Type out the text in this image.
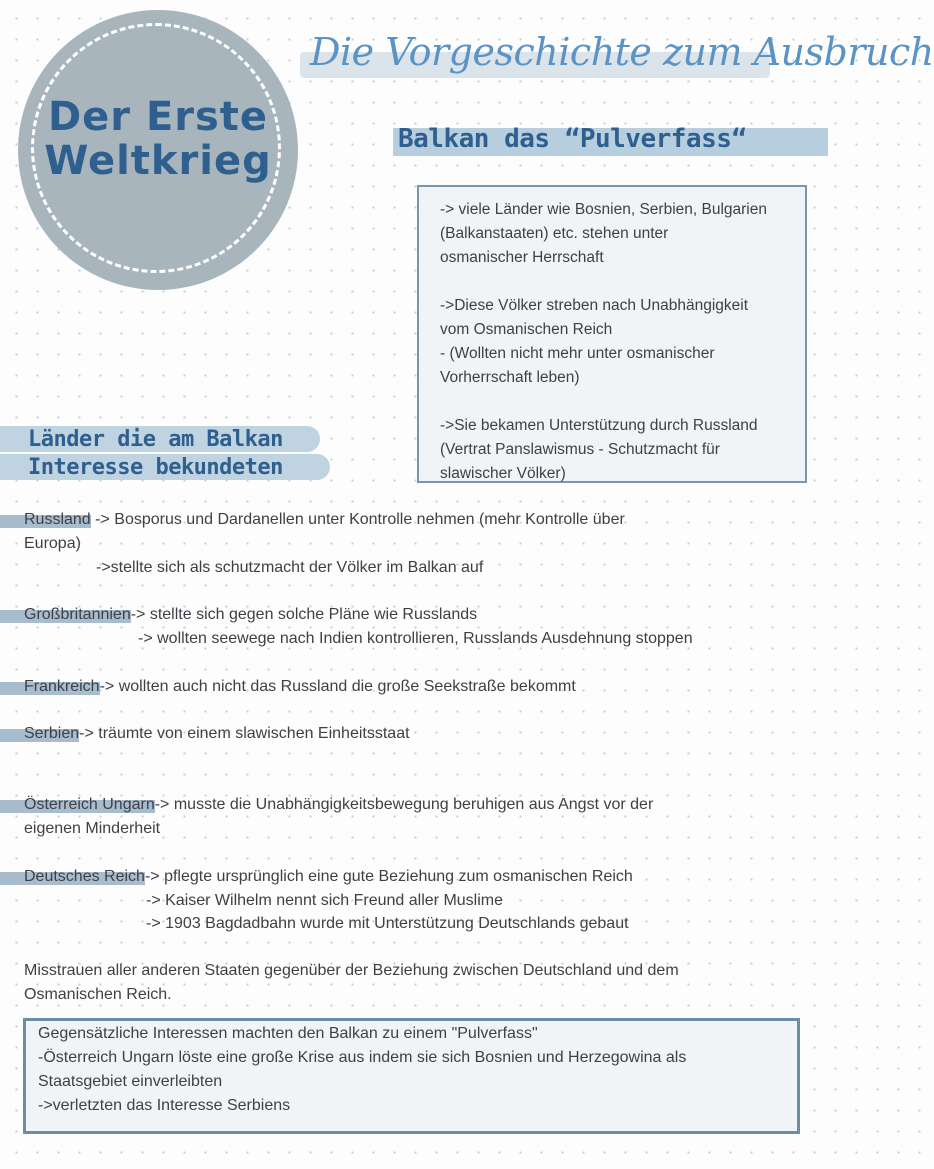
Der Erste
Weltkrieg
Die Vorgeschichte zum Ausbruch
Balkan das “Pulverfass“
-> viele Länder wie Bosnien, Serbien, Bulgarien
(Balkanstaaten) etc. stehen unter
osmanischer Herrschaft
->Diese Völker streben nach Unabhängigkeit
vom Osmanischen Reich
- (Wollten nicht mehr unter osmanischer
Vorherrschaft leben)
->Sie bekamen Unterstützung durch Russland
(Vertrat Panslawismus - Schutzmacht für
slawischer Völker)
Länder die am Balkan
Interesse bekundeten
Russland -> Bosporus und Dardanellen unter Kontrolle nehmen (mehr Kontrolle über
Europa)
->stellte sich als schutzmacht der Völker im Balkan auf
Großbritannien-> stellte sich gegen solche Pläne wie Russlands
-> wollten seewege nach Indien kontrollieren, Russlands Ausdehnung stoppen
Frankreich-> wollten auch nicht das Russland die große Seekstraße bekommt
Serbien-> träumte von einem slawischen Einheitsstaat
Österreich Ungarn-> musste die Unabhängigkeitsbewegung beruhigen aus Angst vor der
eigenen Minderheit
Deutsches Reich-> pflegte ursprünglich eine gute Beziehung zum osmanischen Reich
-> Kaiser Wilhelm nennt sich Freund aller Muslime
-> 1903 Bagdadbahn wurde mit Unterstützung Deutschlands gebaut
Misstrauen aller anderen Staaten gegenüber der Beziehung zwischen Deutschland und dem
Osmanischen Reich.
Gegensätzliche Interessen machten den Balkan zu einem "Pulverfass"
-Österreich Ungarn löste eine große Krise aus indem sie sich Bosnien und Herzegowina als
Staatsgebiet einverleibten
->verletzten das Interesse Serbiens
